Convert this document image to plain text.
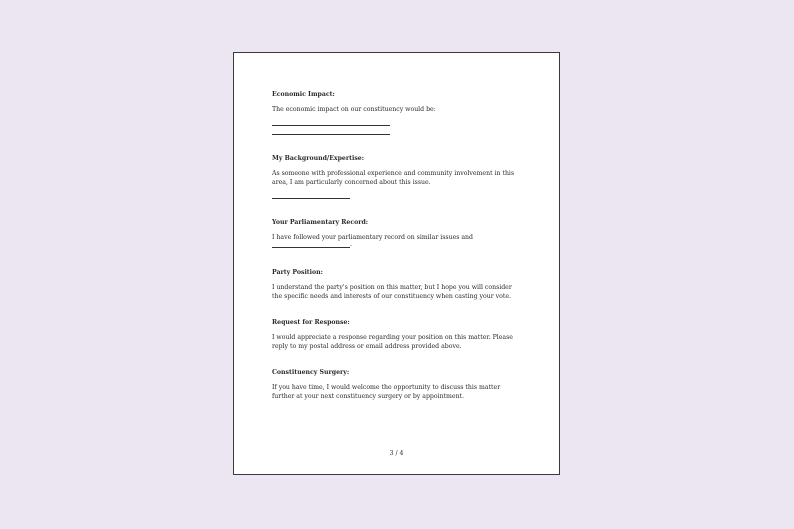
Economic Impact:

The economic impact on our constituency would be:

My Background/Expertise:

As someone with professional experience and community involvement in this area, I am particularly concerned about this issue.

Your Parliamentary Record:

I have followed your parliamentary record on similar issues and

.

Party Position:

I understand the party's position on this matter, but I hope you will consider the specific needs and interests of our constituency when casting your vote.

Request for Response:

I would appreciate a response regarding your position on this matter. Please reply to my postal address or email address provided above.

Constituency Surgery:

If you have time, I would welcome the opportunity to discuss this matter further at your next constituency surgery or by appointment.

3 / 4
